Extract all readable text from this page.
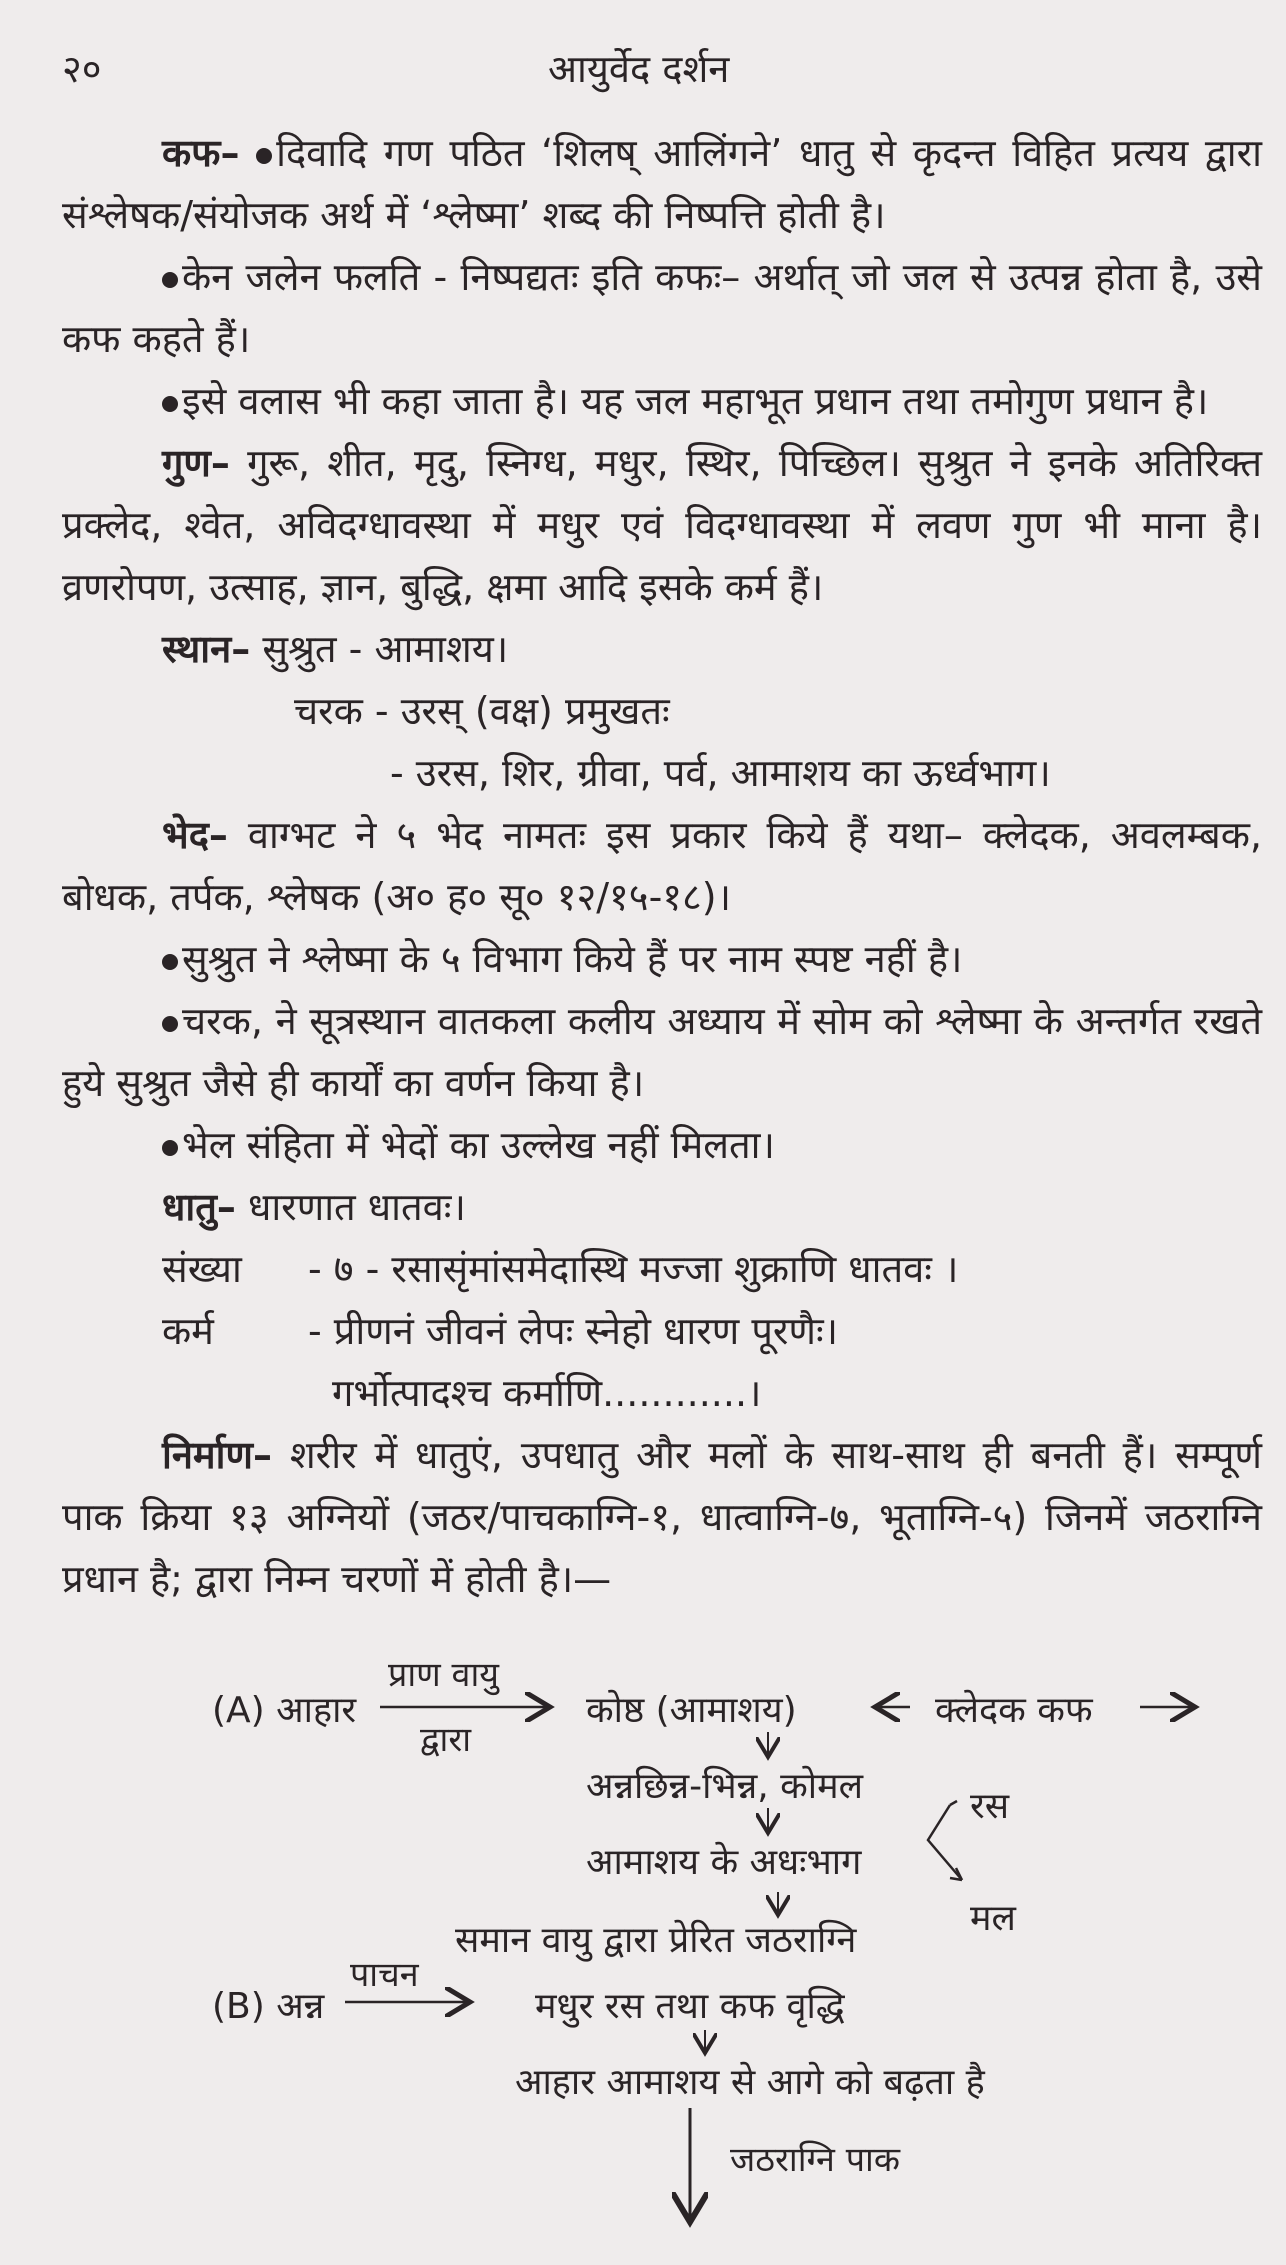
२०	आयुर्वेद दर्शन

कफ– दिवादि गण पठित ‘शिलष् आलिंगने’ धातु से कृदन्त विहित प्रत्यय द्वारा संश्लेषक/संयोजक अर्थ में ‘श्लेष्मा’ शब्द की निष्पत्ति होती है।

केन जलेन फलति - निष्पद्यतः इति कफः– अर्थात् जो जल से उत्पन्न होता है, उसे कफ कहते हैं।

इसे वलास भी कहा जाता है। यह जल महाभूत प्रधान तथा तमोगुण प्रधान है।

गुण– गुरू, शीत, मृदु, स्निग्ध, मधुर, स्थिर, पिच्छिल। सुश्रुत ने इनके अतिरिक्त प्रक्लेद, श्वेत, अविदग्धावस्था में मधुर एवं विदग्धावस्था में लवण गुण भी माना है। व्रणरोपण, उत्साह, ज्ञान, बुद्धि, क्षमा आदि इसके कर्म हैं।

स्थान– सुश्रुत - आमाशय।

चरक - उरस् (वक्ष) प्रमुखतः

- उरस, शिर, ग्रीवा, पर्व, आमाशय का ऊर्ध्वभाग।

भेद– वाग्भट ने ५ भेद नामतः इस प्रकार किये हैं यथा– क्लेदक, अवलम्बक, बोधक, तर्पक, श्लेषक (अ० ह० सू० १२/१५-१८)।

सुश्रुत ने श्लेष्मा के ५ विभाग किये हैं पर नाम स्पष्ट नहीं है।

चरक, ने सूत्रस्थान वातकला कलीय अध्याय में सोम को श्लेष्मा के अन्तर्गत रखते हुये सुश्रुत जैसे ही कार्यों का वर्णन किया है।

भेल संहिता में भेदों का उल्लेख नहीं मिलता।

धातु– धारणात धातवः।

संख्या - ७ - रसासृंमांसमेदास्थि मज्जा शुक्राणि धातवः ।

कर्म - प्रीणनं जीवनं लेपः स्नेहो धारण पूरणैः।

गर्भोत्पादश्च कर्माणि............।

निर्माण– शरीर में धातुएं, उपधातु और मलों के साथ-साथ ही बनती हैं। सम्पूर्ण पाक क्रिया १३ अग्नियों (जठर/पाचकाग्नि-१, धात्वाग्नि-७, भूताग्नि-५) जिनमें जठराग्नि प्रधान है; द्वारा निम्न चरणों में होती है।—

(A) आहार
प्राण वायु
द्वारा
कोष्ठ (आमाशय)	क्लेदक कफ
अन्नछिन्न-भिन्न, कोमल
आमाशय के अधःभाग
रस
मल
समान वायु द्वारा प्रेरित जठराग्नि
(B) अन्न
पाचन
मधुर रस तथा कफ वृद्धि
आहार आमाशय से आगे को बढ़ता है
जठराग्नि पाक
